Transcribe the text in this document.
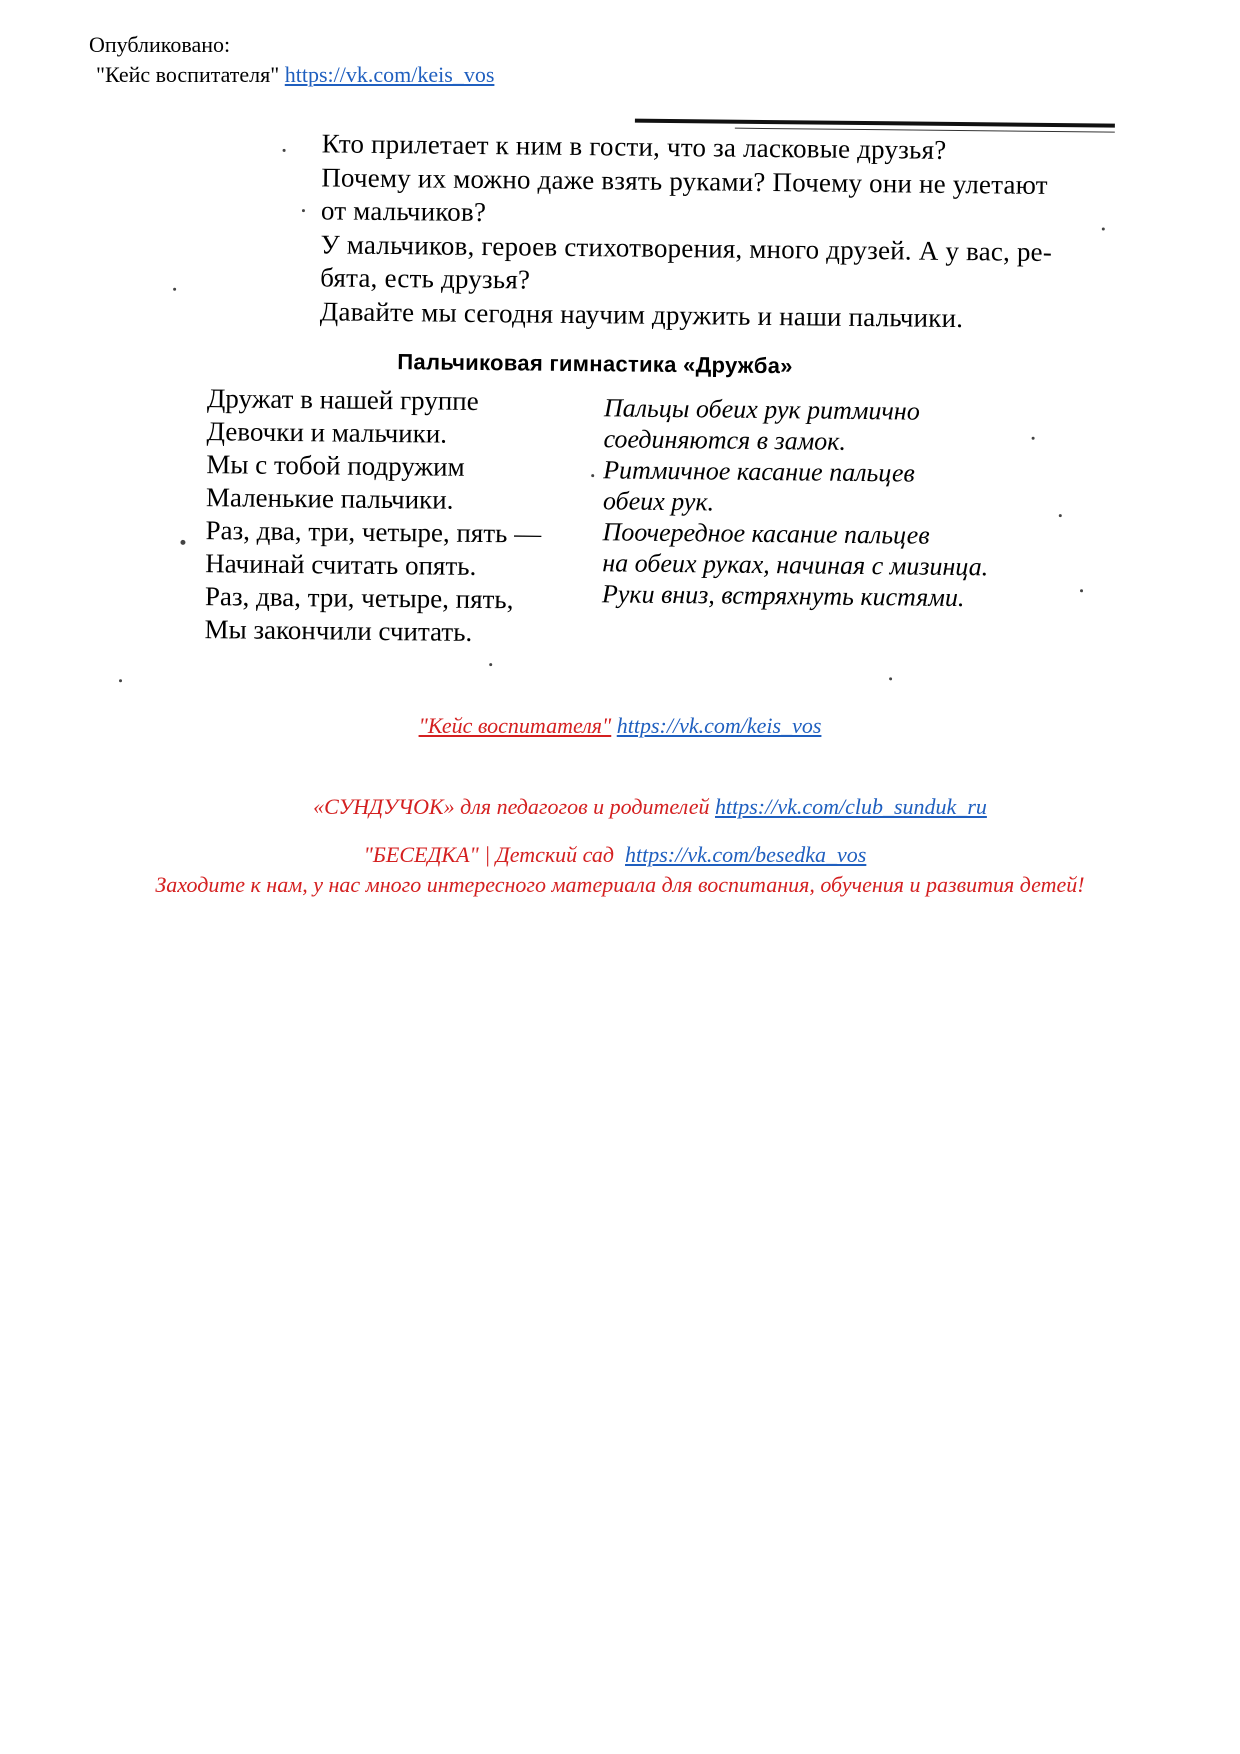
Опубликовано:
"Кейс воспитателя" https://vk.com/keis_vos

Кто прилетает к ним в гости, что за ласковые друзья?

Почему их можно даже взять руками? Почему они не улетают

от мальчиков?

У мальчиков, героев стихотворения, много друзей. А у вас, ре-

бята, есть друзья?

Давайте мы сегодня научим дружить и наши пальчики.

Пальчиковая гимнастика «Дружба»
Дружат в нашей группе
Девочки и мальчики.
Мы с тобой подружим
Маленькие пальчики.
Раз, два, три, четыре, пять —
Начинай считать опять.
Раз, два, три, четыре, пять,
Мы закончили считать.
Пальцы обеих рук ритмично
соединяются в замок.
Ритмичное касание пальцев
обеих рук.
Поочередное касание пальцев
на обеих руках, начиная с мизинца.
Руки вниз, встряхнуть кистями.
"Кейс воспитателя" https://vk.com/keis_vos
«СУНДУЧОК» для педагогов и родителей https://vk.com/club_sunduk_ru
"БЕСЕДКА" | Детский сад https://vk.com/besedka_vos
Заходите к нам, у нас много интересного материала для воспитания, обучения и развития детей!
